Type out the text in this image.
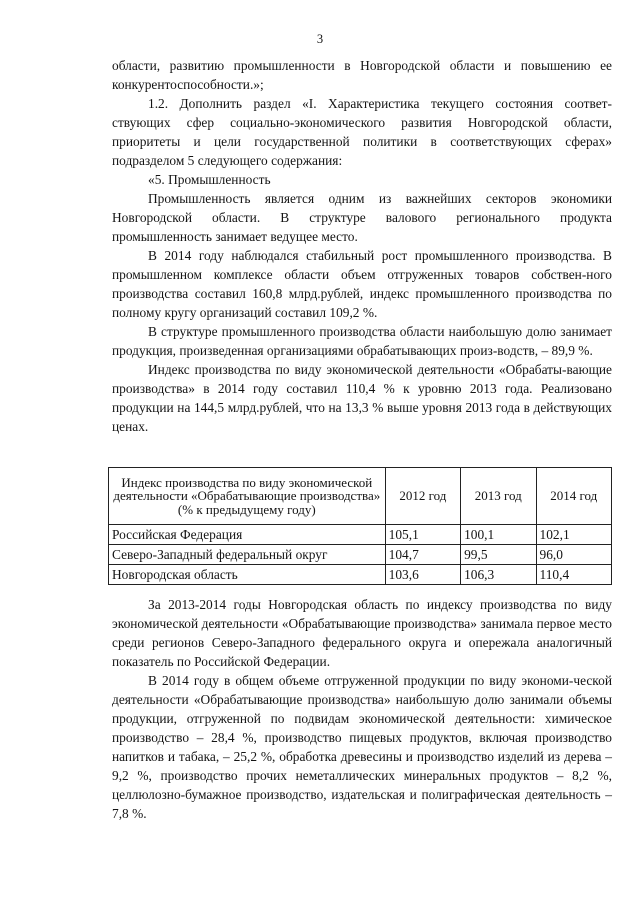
3

области, развитию промышленности в Новгородской области и повышению ее конкурентоспособности.»;

1.2. Дополнить раздел «I. Характеристика текущего состояния соответ-ствующих сфер социально-экономического развития Новгородской области, приоритеты и цели государственной политики в соответствующих сферах» подразделом 5 следующего содержания:

«5. Промышленность

Промышленность является одним из важнейших секторов экономики Новгородской области. В структуре валового регионального продукта промышленность занимает ведущее место.

В 2014 году наблюдался стабильный рост промышленного производства. В промышленном комплексе области объем отгруженных товаров собствен-ного производства составил 160,8 млрд.рублей, индекс промышленного производства по полному кругу организаций составил 109,2 %.

В структуре промышленного производства области наибольшую долю занимает продукция, произведенная организациями обрабатывающих произ-водств, – 89,9 %.

Индекс производства по виду экономической деятельности «Обрабаты-вающие производства» в 2014 году составил 110,4 % к уровню 2013 года. Реализовано продукции на 144,5 млрд.рублей, что на 13,3 % выше уровня 2013 года в действующих ценах.

Индекс производства по виду экономической деятельности «Обрабатывающие производства» (% к предыдущему году)	2012 год	2013 год	2014 год
Российская Федерация	105,1	100,1	102,1
Северо-Западный федеральный округ	104,7	99,5	96,0
Новгородская область	103,6	106,3	110,4

За 2013-2014 годы Новгородская область по индексу производства по виду экономической деятельности «Обрабатывающие производства» занимала первое место среди регионов Северо-Западного федерального округа и опережала аналогичный показатель по Российской Федерации.

В 2014 году в общем объеме отгруженной продукции по виду экономи-ческой деятельности «Обрабатывающие производства» наибольшую долю занимали объемы продукции, отгруженной по подвидам экономической деятельности: химическое производство – 28,4 %, производство пищевых продуктов, включая производство напитков и табака, – 25,2 %, обработка древесины и производство изделий из дерева – 9,2 %, производство прочих неметаллических минеральных продуктов – 8,2 %, целлюлозно-бумажное производство, издательская и полиграфическая деятельность – 7,8 %.
